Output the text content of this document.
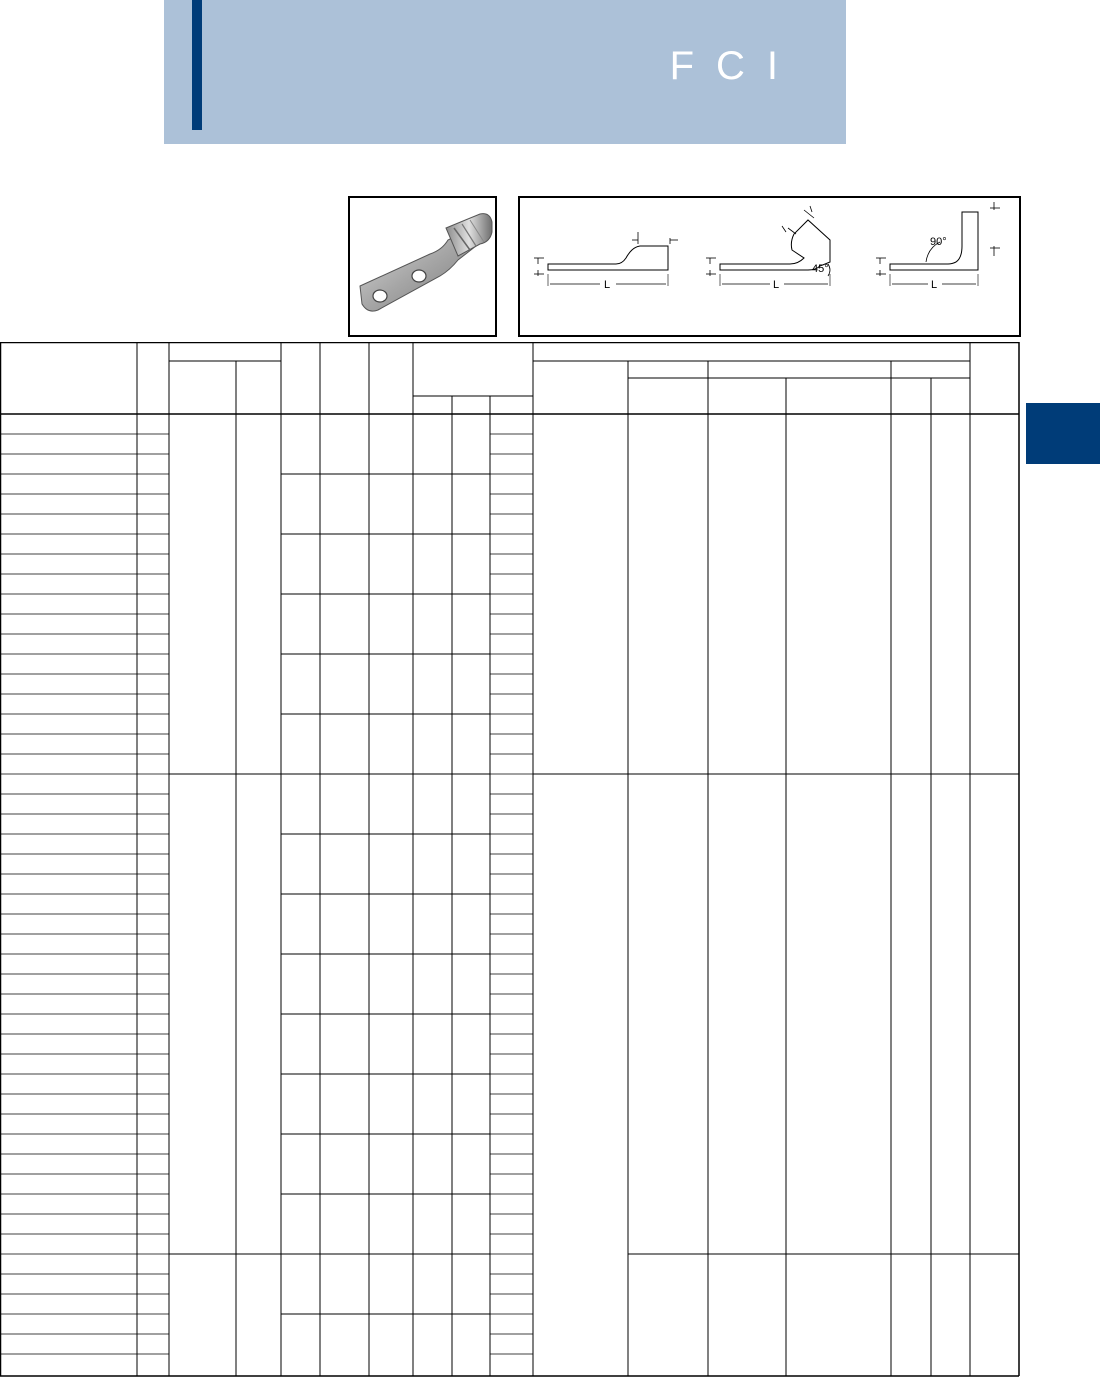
FCI
L	L
45°
L
90°
